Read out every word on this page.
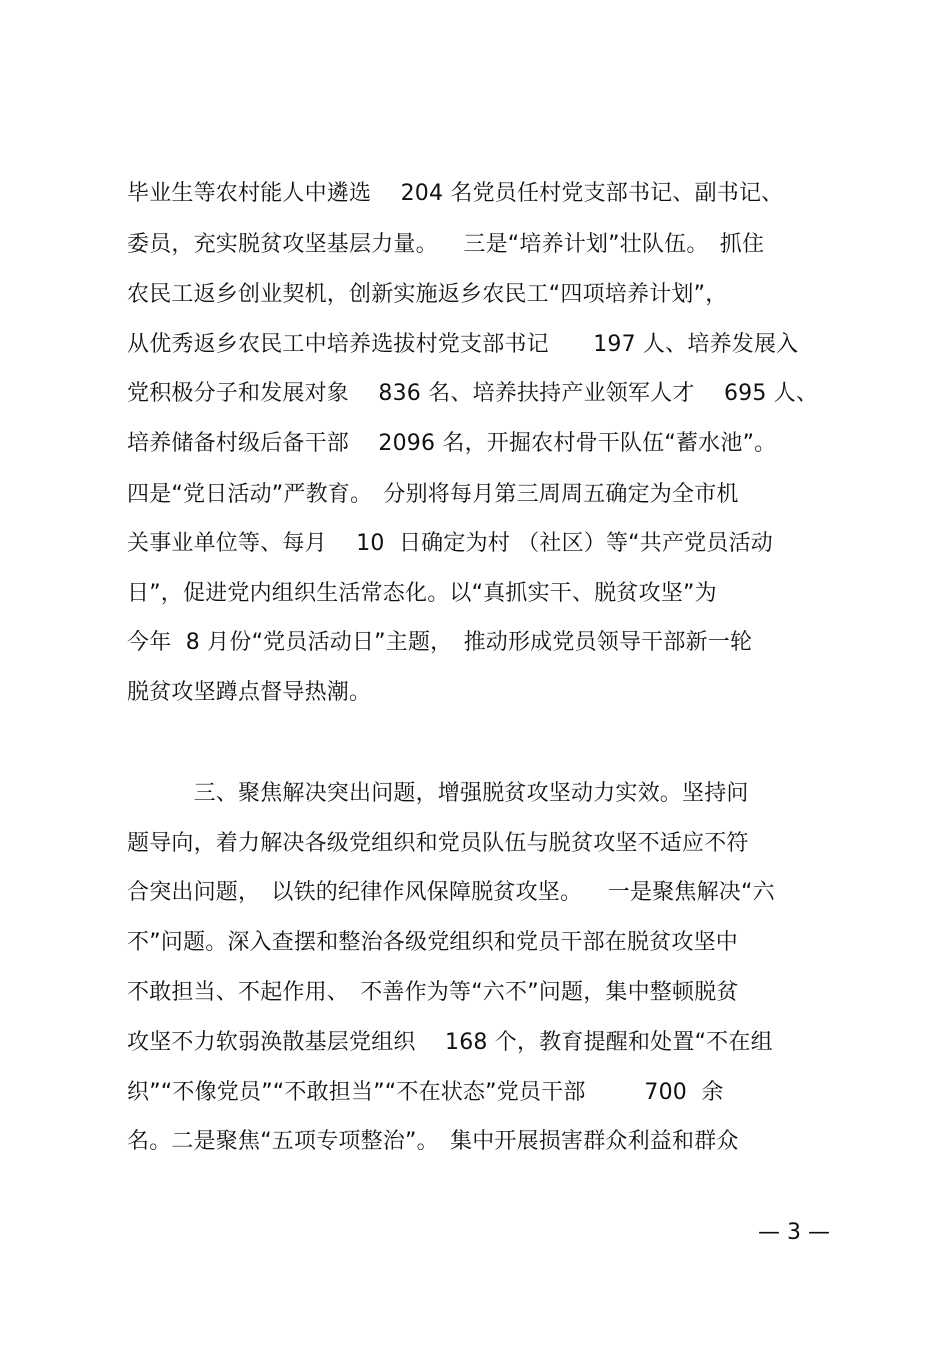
毕业生等农村能人中遴选　 204 名党员任村党支部书记、副书记、
委员，充实脱贫攻坚基层力量。　  三是“培养计划”壮队伍。　抓住
农民工返乡创业契机，创新实施返乡农民工“四项培养计划”，
从优秀返乡农民工中培养选拔村党支部书记　　197 人、培养发展入
党积极分子和发展对象　 836 名、培养扶持产业领军人才　 695 人、
培养储备村级后备干部　 2096 名，开掘农村骨干队伍“蓄水池”。
四是“党日活动”严教育。　分别将每月第三周周五确定为全市机
关事业单位等、每月　 10  日确定为村 （社区）等“共产党员活动
日”，促进党内组织生活常态化。以“真抓实干、脱贫攻坚”为
今年  8 月份“党员活动日”主题，　推动形成党员领导干部新一轮
脱贫攻坚蹲点督导热潮。
　　　三、聚焦解决突出问题，增强脱贫攻坚动力实效。坚持问
题导向，着力解决各级党组织和党员队伍与脱贫攻坚不适应不符
合突出问题，　以铁的纪律作风保障脱贫攻坚。　  一是聚焦解决“六
不”问题。深入查摆和整治各级党组织和党员干部在脱贫攻坚中
不敢担当、不起作用、　不善作为等“六不”问题，集中整顿脱贫
攻坚不力软弱涣散基层党组织　 168 个，教育提醒和处置“不在组
织”“不像党员”“不敢担当”“不在状态”党员干部　　  700  余
名。二是聚焦“五项专项整治”。　集中开展损害群众利益和群众
— 3 —
